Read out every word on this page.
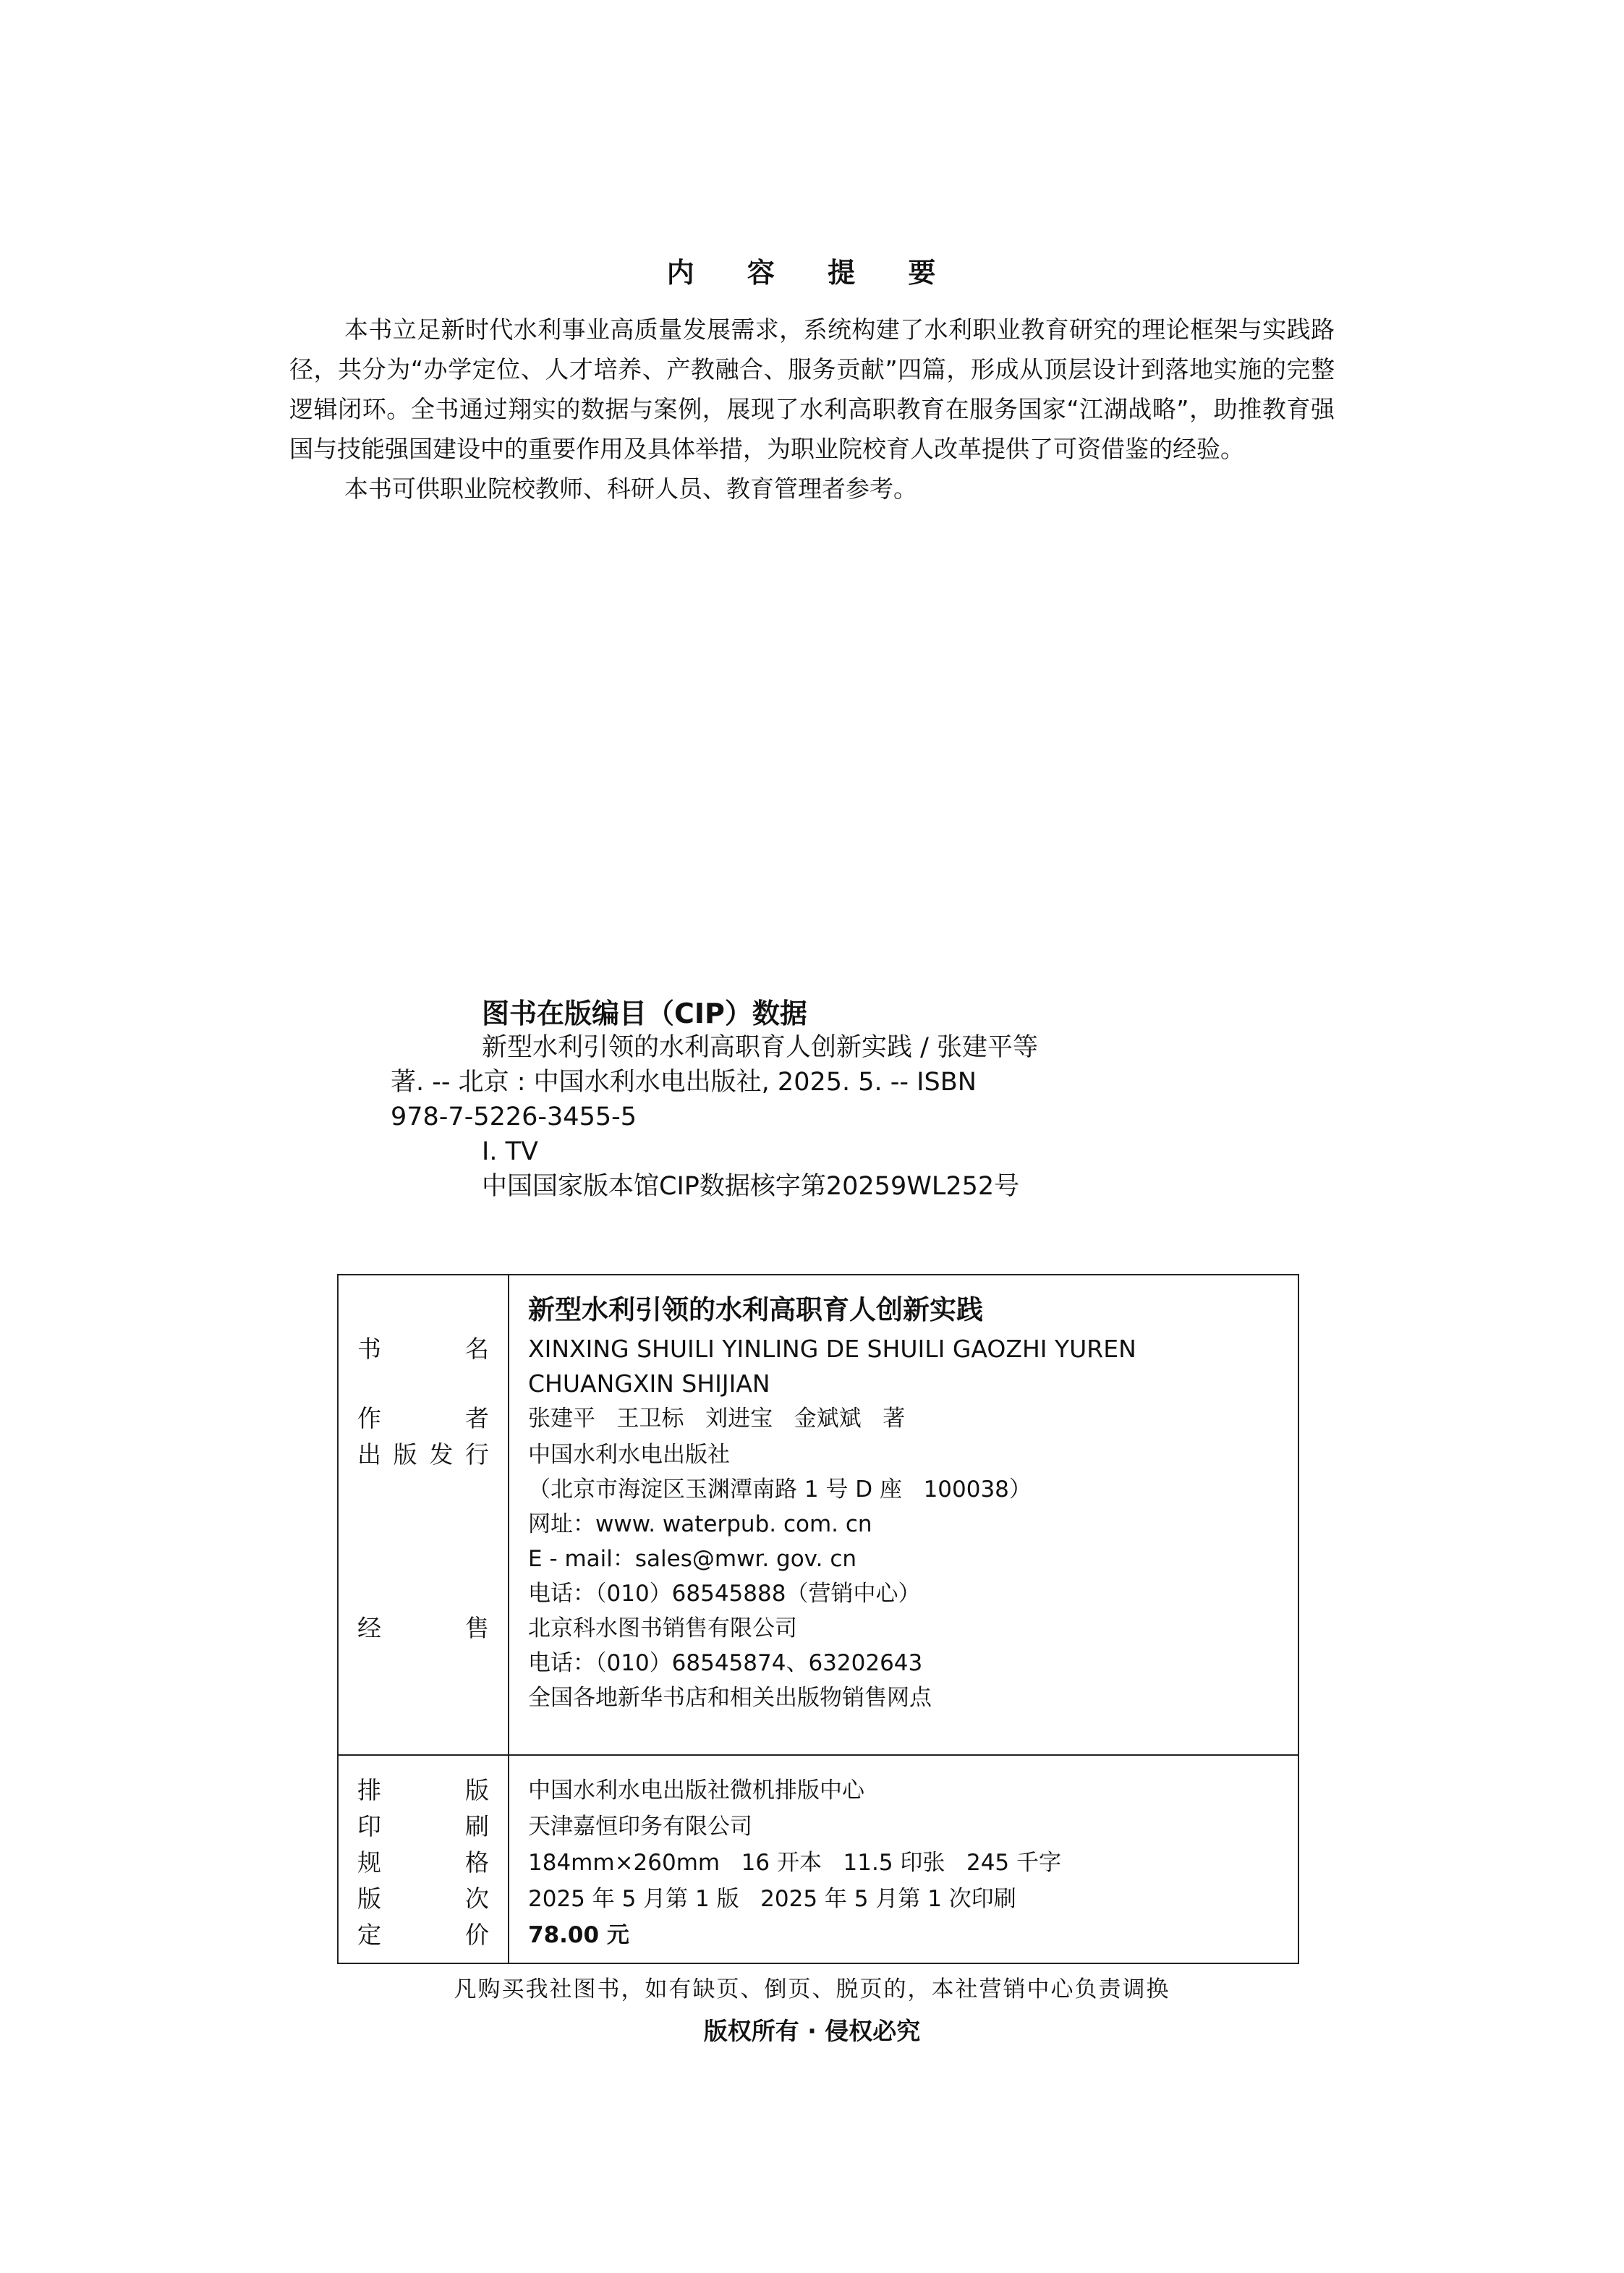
内 容 提 要

本书立足新时代水利事业高质量发展需求，系统构建了水利职业教育研究的理论框架与实践路径，共分为“办学定位、人才培养、产教融合、服务贡献”四篇，形成从顶层设计到落地实施的完整逻辑闭环。全书通过翔实的数据与案例，展现了水利高职教育在服务国家“江湖战略”，助推教育强国与技能强国建设中的重要作用及具体举措，为职业院校育人改革提供了可资借鉴的经验。

本书可供职业院校教师、科研人员、教育管理者参考。

图书在版编目（CIP）数据
新型水利引领的水利高职育人创新实践 / 张建平等
著. -- 北京 : 中国水利水电出版社, 2025. 5. -- ISBN
978-7-5226-3455-5
Ⅰ. TV
中国国家版本馆CIP数据核字第20259WL252号
新型水利引领的水利高职育人创新实践
书 名 XINXING SHUILI YINLING DE SHUILI GAOZHI YUREN
CHUANGXIN SHIJIAN
作 者 张建平   王卫标   刘进宝   金斌斌   著
出版发行 中国水利水电出版社
（北京市海淀区玉渊潭南路 1 号 D 座   100038）
网址：www. waterpub. com. cn
E - mail：sales@mwr. gov. cn
电话：（010）68545888（营销中心）
经 售 北京科水图书销售有限公司
电话：（010）68545874、63202643
全国各地新华书店和相关出版物销售网点
排 版 中国水利水电出版社微机排版中心
印 刷 天津嘉恒印务有限公司
规 格 184mm×260mm   16 开本   11.5 印张   245 千字
版 次 2025 年 5 月第 1 版   2025 年 5 月第 1 次印刷
定 价 78.00 元
凡购买我社图书，如有缺页、倒页、脱页的，本社营销中心负责调换
版权所有 · 侵权必究
